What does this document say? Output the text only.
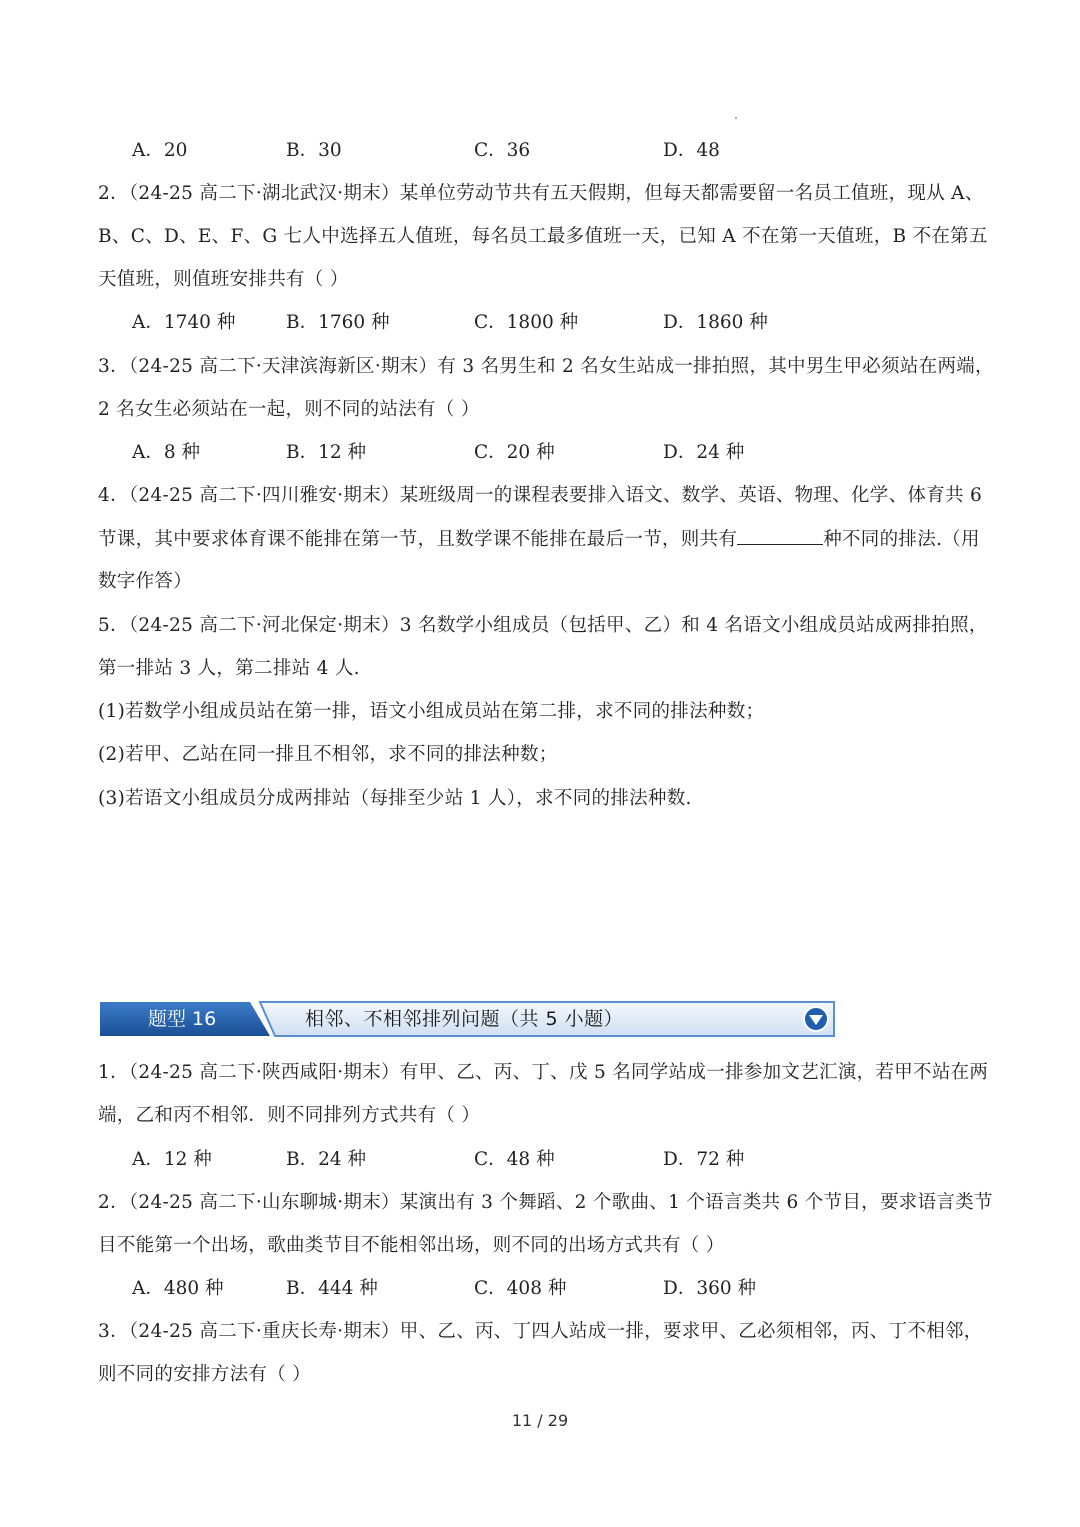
A．20	B．30	C．36	D．48
2．（24-25 高二下·湖北武汉·期末）某单位劳动节共有五天假期，但每天都需要留一名员工值班，现从 A、
B、C、D、E、F、G 七人中选择五人值班，每名员工最多值班一天，已知 A 不在第一天值班，B 不在第五
天值班，则值班安排共有（ ）
A．1740 种	B．1760 种	C．1800 种	D．1860 种
3．（24-25 高二下·天津滨海新区·期末）有 3 名男生和 2 名女生站成一排拍照，其中男生甲必须站在两端，
2 名女生必须站在一起，则不同的站法有（ ）
A．8 种	B．12 种	C．20 种	D．24 种
4．（24-25 高二下·四川雅安·期末）某班级周一的课程表要排入语文、数学、英语、物理、化学、体育共 6
节课，其中要求体育课不能排在第一节，且数学课不能排在最后一节，则共有	种不同的排法.（用
数字作答）
5．（24-25 高二下·河北保定·期末）3 名数学小组成员（包括甲、乙）和 4 名语文小组成员站成两排拍照，
第一排站 3 人，第二排站 4 人.
(1)若数学小组成员站在第一排，语文小组成员站在第二排，求不同的排法种数；
(2)若甲、乙站在同一排且不相邻，求不同的排法种数；
(3)若语文小组成员分成两排站（每排至少站 1 人），求不同的排法种数.
题型 16	相邻、不相邻排列问题（共 5 小题）
1．（24-25 高二下·陕西咸阳·期末）有甲、乙、丙、丁、戊 5 名同学站成一排参加文艺汇演，若甲不站在两
端，乙和丙不相邻．则不同排列方式共有（ ）
A．12 种	B．24 种	C．48 种	D．72 种
2．（24-25 高二下·山东聊城·期末）某演出有 3 个舞蹈、2 个歌曲、1 个语言类共 6 个节目，要求语言类节
目不能第一个出场，歌曲类节目不能相邻出场，则不同的出场方式共有（ ）
A．480 种	B．444 种	C．408 种	D．360 种
3．（24-25 高二下·重庆长寿·期末）甲、乙、丙、丁四人站成一排，要求甲、乙必须相邻，丙、丁不相邻，
则不同的安排方法有（ ）
11 / 29
